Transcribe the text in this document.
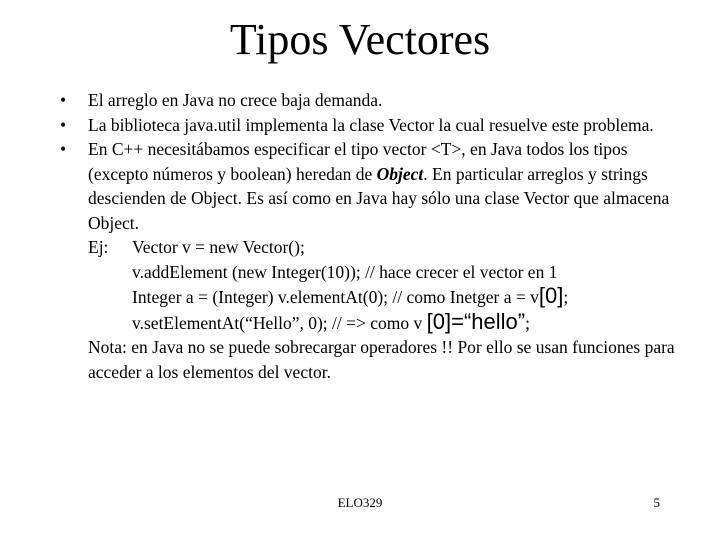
Tipos Vectores
• El arreglo en Java no crece baja demanda.
• La biblioteca java.util implementa la clase Vector la cual resuelve este problema.
• En C++ necesitábamos especificar el tipo vector <T>, en Java todos los tipos (excepto números y boolean) heredan de Object. En particular arreglos y strings descienden de Object. Es así como en Java hay sólo una clase Vector que almacena Object.
Ej: Vector v = new Vector();
v.addElement (new Integer(10)); // hace crecer el vector en 1
Integer a = (Integer) v.elementAt(0); // como Inetger a = v[0];
v.setElementAt(“Hello”, 0); // => como v [0]=“hello”;
Nota: en Java no se puede sobrecargar operadores !! Por ello se usan funciones para acceder a los elementos del vector.
ELO329	5
